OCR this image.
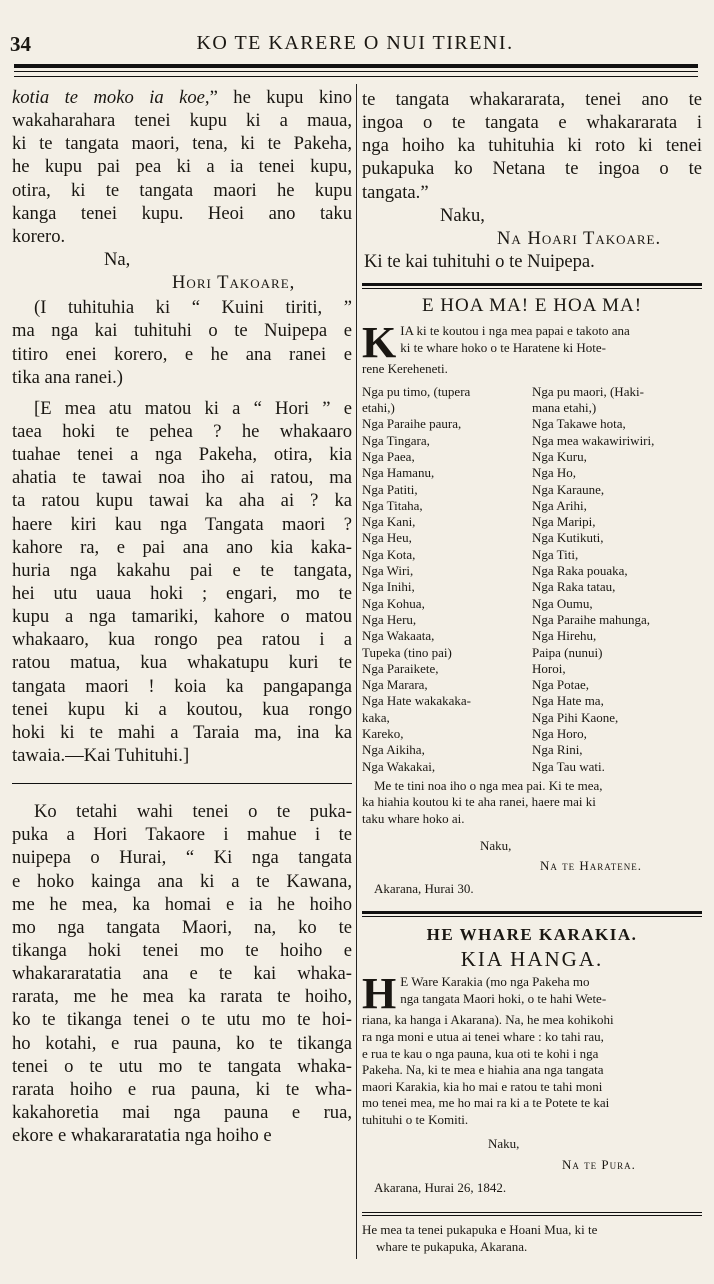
34	KO TE KARERE O NUI TIRENI.
kotia te moko ia koe,” he kupu kino
wakaharahara tenei kupu ki a maua,
ki te tangata maori, tena, ki te Pakeha,
he kupu pai pea ki a ia tenei kupu,
otira, ki te tangata maori he kupu
kanga tenei kupu. Heoi ano taku
korero.
Na,
Hori Takoare,
(I tuhituhia ki “ Kuini tiriti, ”
ma nga kai tuhituhi o te Nuipepa e
titiro enei korero, e he ana ranei e
tika ana ranei.)
[E mea atu matou ki a “ Hori ” e
taea hoki te pehea ? he whakaaro
tuahae tenei a nga Pakeha, otira, kia
ahatia te tawai noa iho ai ratou, ma
ta ratou kupu tawai ka aha ai ? ka
haere kiri kau nga Tangata maori ?
kahore ra, e pai ana ano kia kaka-
huria nga kakahu pai e te tangata,
hei utu uaua hoki ; engari, mo te
kupu a nga tamariki, kahore o matou
whakaaro, kua rongo pea ratou i a
ratou matua, kua whakatupu kuri te
tangata maori ! koia ka pangapanga
tenei kupu ki a koutou, kua rongo
hoki ki te mahi a Taraia ma, ina ka
tawaia.—Kai Tuhituhi.]
Ko tetahi wahi tenei o te puka-
puka a Hori Takaore i mahue i te
nuipepa o Hurai, “ Ki nga tangata
e hoko kainga ana ki a te Kawana,
me he mea, ka homai e ia he hoiho
mo nga tangata Maori, na, ko te
tikanga hoki tenei mo te hoiho e
whakararatatia ana e te kai whaka-
rarata, me he mea ka rarata te hoiho,
ko te tikanga tenei o te utu mo te hoi-
ho kotahi, e rua pauna, ko te tikanga
tenei o te utu mo te tangata whaka-
rarata hoiho e rua pauna, ki te wha-
kakahoretia mai nga pauna e rua,
ekore e whakararatatia nga hoiho e
te tangata whakararata, tenei ano te
ingoa o te tangata e whakararata i
nga hoiho ka tuhituhia ki roto ki tenei
pukapuka ko Netana te ingoa o te
tangata.”
Naku,
Na Hoari Takoare.
Ki te kai tuhituhi o te Nuipepa.
E HOA MA! E HOA MA!
K IA ki te koutou i nga mea papai e takoto ana
ki te whare hoko o te Haratene ki Hote-
rene Kereheneti.
Nga pu timo, (tupera
etahi,)
Nga Paraihe paura,
Nga Tingara,
Nga Paea,
Nga Hamanu,
Nga Patiti,
Nga Titaha,
Nga Kani,
Nga Heu,
Nga Kota,
Nga Wiri,
Nga Inihi,
Nga Kohua,
Nga Heru,
Nga Wakaata,
Tupeka (tino pai)
Nga Paraikete,
Nga Marara,
Nga Hate wakakaka-
kaka,
Kareko,
Nga Aikiha,
Nga Wakakai,
Nga pu maori, (Haki-
mana etahi,)
Nga Takawe hota,
Nga mea wakawiriwiri,
Nga Kuru,
Nga Ho,
Nga Karaune,
Nga Arihi,
Nga Maripi,
Nga Kutikuti,
Nga Titi,
Nga Raka pouaka,
Nga Raka tatau,
Nga Oumu,
Nga Paraihe mahunga,
Nga Hirehu,
Paipa (nunui)
Horoi,
Nga Potae,
Nga Hate ma,
Nga Pihi Kaone,
Nga Horo,
Nga Rini,
Nga Tau wati.
Me te tini noa iho o nga mea pai. Ki te mea,
ka hiahia koutou ki te aha ranei, haere mai ki
taku whare hoko ai.
Naku,
Na te Haratene.
Akarana, Hurai 30.
HE WHARE KARAKIA.
KIA HANGA.
H E Ware Karakia (mo nga Pakeha mo
nga tangata Maori hoki, o te hahi Wete-
riana, ka hanga i Akarana). Na, he mea kohikohi
ra nga moni e utua ai tenei whare : ko tahi rau,
e rua te kau o nga pauna, kua oti te kohi i nga
Pakeha. Na, ki te mea e hiahia ana nga tangata
maori Karakia, kia ho mai e ratou te tahi moni
mo tenei mea, me ho mai ra ki a te Potete te kai
tuhituhi o te Komiti.
Naku,
Na te Pura.
Akarana, Hurai 26, 1842.
He mea ta tenei pukapuka e Hoani Mua, ki te
whare te pukapuka, Akarana.
